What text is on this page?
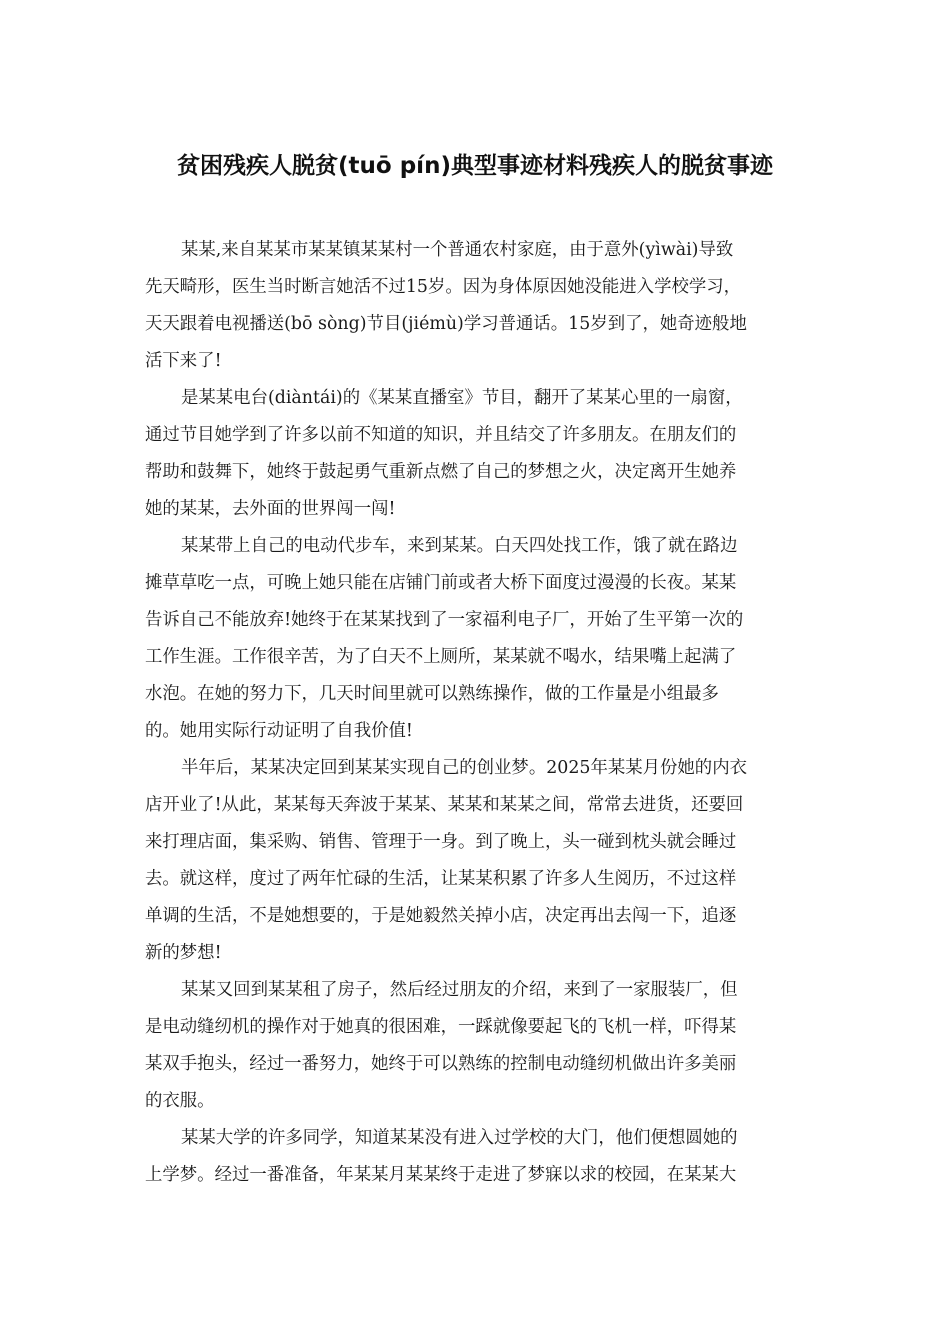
贫困残疾人脱贫(tuō pín)典型事迹材料残疾人的脱贫事迹

某某,来自某某市某某镇某某村一个普通农村家庭，由于意外(yìwài)导致
先天畸形，医生当时断言她活不过15岁。因为身体原因她没能进入学校学习，
天天跟着电视播送(bō sòng)节目(jiémù)学习普通话。15岁到了，她奇迹般地
活下来了!

是某某电台(diàntái)的《某某直播室》节目，翻开了某某心里的一扇窗，
通过节目她学到了许多以前不知道的知识，并且结交了许多朋友。在朋友们的
帮助和鼓舞下，她终于鼓起勇气重新点燃了自己的梦想之火，决定离开生她养
她的某某，去外面的世界闯一闯!

某某带上自己的电动代步车，来到某某。白天四处找工作，饿了就在路边
摊草草吃一点，可晚上她只能在店铺门前或者大桥下面度过漫漫的长夜。某某
告诉自己不能放弃!她终于在某某找到了一家福利电子厂，开始了生平第一次的
工作生涯。工作很辛苦，为了白天不上厕所，某某就不喝水，结果嘴上起满了
水泡。在她的努力下，几天时间里就可以熟练操作，做的工作量是小组最多
的。她用实际行动证明了自我价值!

半年后，某某决定回到某某实现自己的创业梦。2025年某某月份她的内衣
店开业了!从此，某某每天奔波于某某、某某和某某之间，常常去进货，还要回
来打理店面，集采购、销售、管理于一身。到了晚上，头一碰到枕头就会睡过
去。就这样，度过了两年忙碌的生活，让某某积累了许多人生阅历，不过这样
单调的生活，不是她想要的，于是她毅然关掉小店，决定再出去闯一下，追逐
新的梦想!

某某又回到某某租了房子，然后经过朋友的介绍，来到了一家服装厂，但
是电动缝纫机的操作对于她真的很困难，一踩就像要起飞的飞机一样，吓得某
某双手抱头，经过一番努力，她终于可以熟练的控制电动缝纫机做出许多美丽
的衣服。

某某大学的许多同学，知道某某没有进入过学校的大门，他们便想圆她的
上学梦。经过一番准备，年某某月某某终于走进了梦寐以求的校园，在某某大
